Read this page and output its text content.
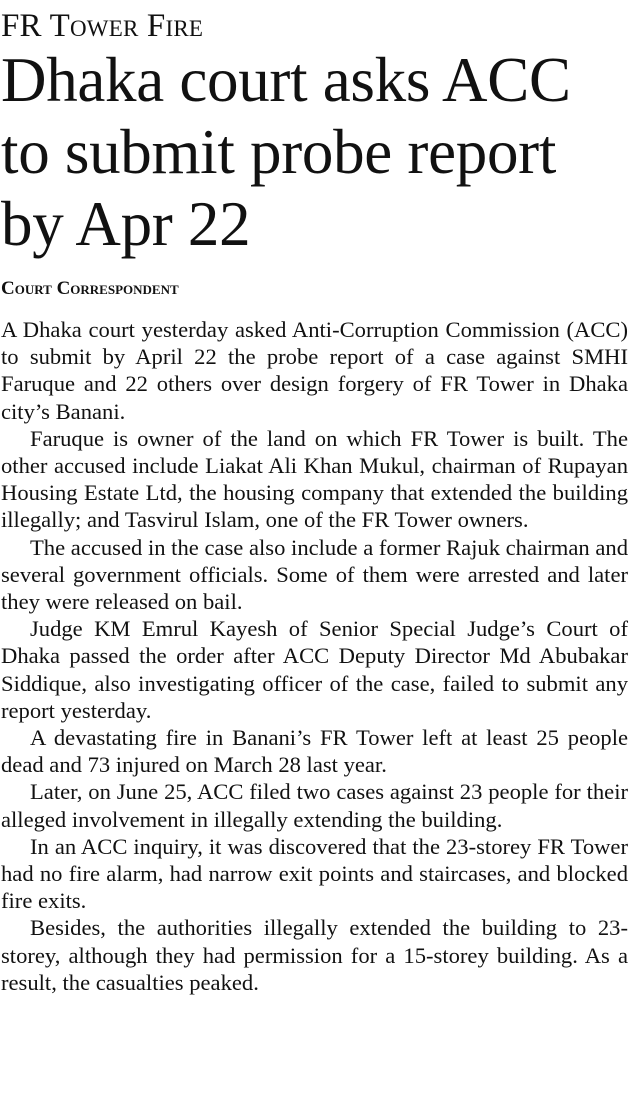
FR Tower Fire
Dhaka court asks ACC to submit probe report by Apr 22
Court Correspondent

A Dhaka court yesterday asked Anti-Corruption Commission (ACC) to submit by April 22 the probe report of a case against SMHI Faruque and 22 others over design forgery of FR Tower in Dhaka city’s Banani.

Faruque is owner of the land on which FR Tower is built. The other accused include Liakat Ali Khan Mukul, chairman of Rupayan Housing Estate Ltd, the housing company that extended the building illegally; and Tasvirul Islam, one of the FR Tower owners.

The accused in the case also include a former Rajuk chairman and several government officials. Some of them were arrested and later they were released on bail.

Judge KM Emrul Kayesh of Senior Special Judge’s Court of Dhaka passed the order after ACC Deputy Director Md Abubakar Siddique, also investigating officer of the case, failed to submit any report yesterday.

A devastating fire in Banani’s FR Tower left at least 25 people dead and 73 injured on March 28 last year.

Later, on June 25, ACC filed two cases against 23 people for their alleged involvement in illegally extending the building.

In an ACC inquiry, it was discovered that the 23-storey FR Tower had no fire alarm, had narrow exit points and staircases, and blocked fire exits.

Besides, the authorities illegally extended the building to 23-storey, although they had permission for a 15-storey building. As a result, the casualties peaked.
